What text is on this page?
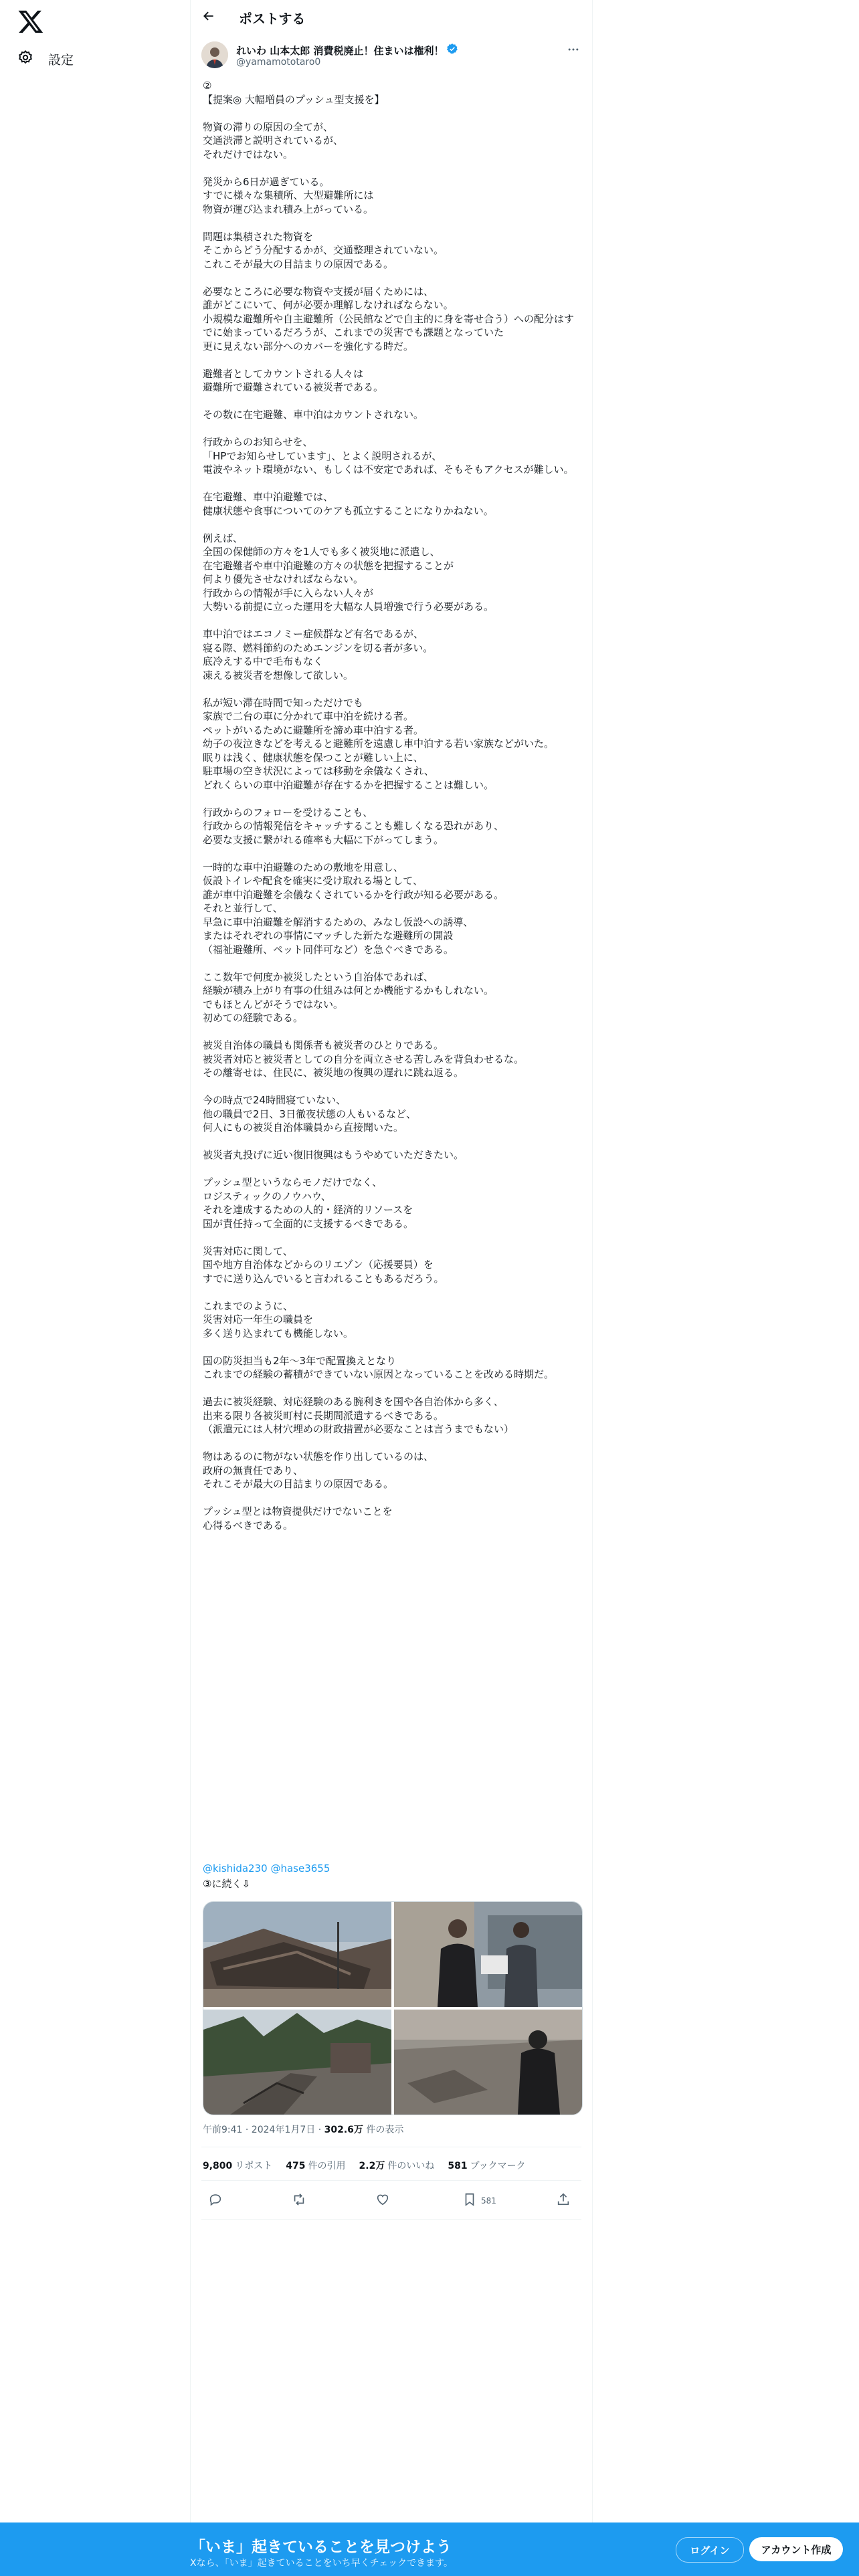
設定
ポストする
れいわ 山本太郎 消費税廃止！住まいは権利！
@yamamototaro0
②
【提案◎ 大幅増員のプッシュ型支援を】

物資の滞りの原因の全てが、
交通渋滞と説明されているが、
それだけではない。

発災から6日が過ぎている。
すでに様々な集積所、大型避難所には
物資が運び込まれ積み上がっている。

問題は集積された物資を
そこからどう分配するかが、交通整理されていない。
これこそが最大の目詰まりの原因である。

必要なところに必要な物資や支援が届くためには、
誰がどこにいて、何が必要か理解しなければならない。
小規模な避難所や自主避難所（公民館などで自主的に身を寄せ合う）への配分はすでに始まっているだろうが、これまでの災害でも課題となっていた
更に見えない部分へのカバーを強化する時だ。

避難者としてカウントされる人々は
避難所で避難されている被災者である。

その数に在宅避難、車中泊はカウントされない。

行政からのお知らせを、
「HPでお知らせしています」、とよく説明されるが、
電波やネット環境がない、もしくは不安定であれば、そもそもアクセスが難しい。

在宅避難、車中泊避難では、
健康状態や食事についてのケアも孤立することになりかねない。

例えば、
全国の保健師の方々を1人でも多く被災地に派遣し、
在宅避難者や車中泊避難の方々の状態を把握することが
何より優先させなければならない。
行政からの情報が手に入らない人々が
大勢いる前提に立った運用を大幅な人員増強で行う必要がある。

車中泊ではエコノミー症候群など有名であるが、
寝る際、燃料節約のためエンジンを切る者が多い。
底冷えする中で毛布もなく
凍える被災者を想像して欲しい。

私が短い滞在時間で知っただけでも
家族で二台の車に分かれて車中泊を続ける者。
ペットがいるために避難所を諦め車中泊する者。
幼子の夜泣きなどを考えると避難所を遠慮し車中泊する若い家族などがいた。
眠りは浅く、健康状態を保つことが難しい上に、
駐車場の空き状況によっては移動を余儀なくされ、
どれくらいの車中泊避難が存在するかを把握することは難しい。

行政からのフォローを受けることも、
行政からの情報発信をキャッチすることも難しくなる恐れがあり、
必要な支援に繋がれる確率も大幅に下がってしまう。

一時的な車中泊避難のための敷地を用意し、
仮設トイレや配食を確実に受け取れる場として、
誰が車中泊避難を余儀なくされているかを行政が知る必要がある。
それと並行して、
早急に車中泊避難を解消するための、みなし仮設への誘導、
またはそれぞれの事情にマッチした新たな避難所の開設
（福祉避難所、ペット同伴可など）を急ぐべきである。

ここ数年で何度か被災したという自治体であれば、
経験が積み上がり有事の仕組みは何とか機能するかもしれない。
でもほとんどがそうではない。
初めての経験である。

被災自治体の職員も関係者も被災者のひとりである。
被災者対応と被災者としての自分を両立させる苦しみを背負わせるな。
その離寄せは、住民に、被災地の復興の遅れに跳ね返る。

今の時点で24時間寝ていない、
他の職員で2日、3日徹夜状態の人もいるなど、
何人にもの被災自治体職員から直接聞いた。

被災者丸投げに近い復旧復興はもうやめていただきたい。

プッシュ型というならモノだけでなく、
ロジスティックのノウハウ、
それを達成するための人的・経済的リソースを
国が責任持って全面的に支援するべきである。

災害対応に関して、
国や地方自治体などからのリエゾン（応援要員）を
すでに送り込んでいると言われることもあるだろう。

これまでのように、
災害対応一年生の職員を
多く送り込まれても機能しない。

国の防災担当も2年〜3年で配置換えとなり
これまでの経験の蓄積ができていない原因となっていることを改める時期だ。

過去に被災経験、対応経験のある腕利きを国や各自治体から多く、
出来る限り各被災町村に長期間派遣するべきである。
（派遣元には人材穴埋めの財政措置が必要なことは言うまでもない）

物はあるのに物がない状態を作り出しているのは、
政府の無責任であり、
それこそが最大の目詰まりの原因である。

プッシュ型とは物資提供だけでないことを
心得るべきである。
@kishida230 @hase3655
③に続く⇩
午前9:41 · 2024年1月7日 · 302.6万 件の表示
9,800 リポスト 475 件の引用 2.2万 件のいいね 581 ブックマーク
581
「いま」起きていることを見つけよう
Xなら、「いま」起きていることをいち早くチェックできます。
ログイン	アカウント作成
